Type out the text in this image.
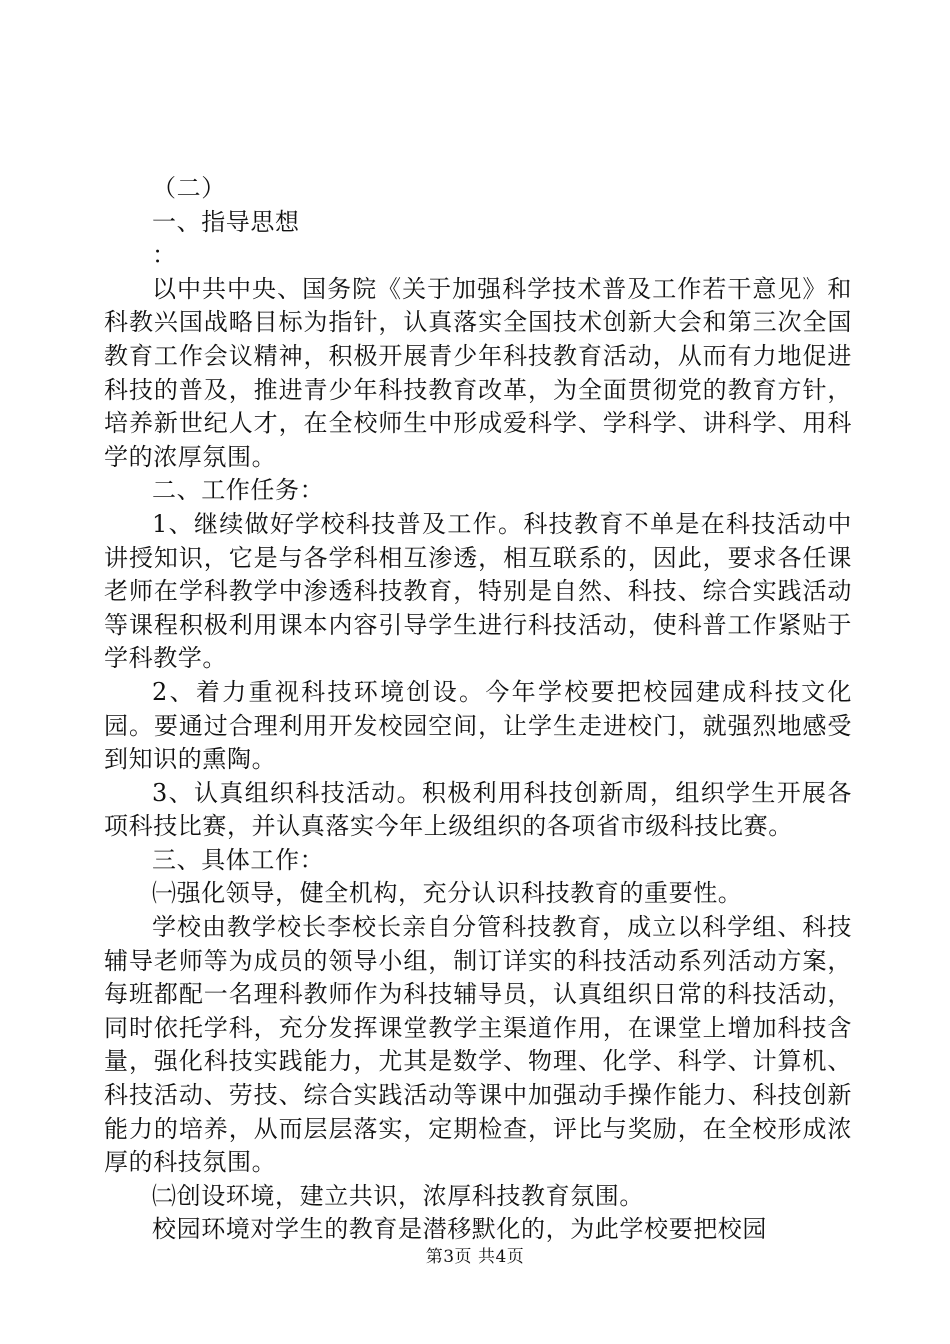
（二）

一、指导思想

：

以中共中央、国务院《关于加强科学技术普及工作若干意见》和科教兴国战略目标为指针，认真落实全国技术创新大会和第三次全国教育工作会议精神，积极开展青少年科技教育活动，从而有力地促进科技的普及，推进青少年科技教育改革，为全面贯彻党的教育方针，培养新世纪人才，在全校师生中形成爱科学、学科学、讲科学、用科学的浓厚氛围。

二、工作任务：

1、继续做好学校科技普及工作。科技教育不单是在科技活动中讲授知识，它是与各学科相互渗透，相互联系的，因此，要求各任课老师在学科教学中渗透科技教育，特别是自然、科技、综合实践活动等课程积极利用课本内容引导学生进行科技活动，使科普工作紧贴于学科教学。

2、着力重视科技环境创设。今年学校要把校园建成科技文化园。要通过合理利用开发校园空间，让学生走进校门，就强烈地感受到知识的熏陶。

3、认真组织科技活动。积极利用科技创新周，组织学生开展各项科技比赛，并认真落实今年上级组织的各项省市级科技比赛。

三、具体工作：

㈠强化领导，健全机构，充分认识科技教育的重要性。

学校由教学校长李校长亲自分管科技教育，成立以科学组、科技辅导老师等为成员的领导小组，制订详实的科技活动系列活动方案，每班都配一名理科教师作为科技辅导员，认真组织日常的科技活动，同时依托学科，充分发挥课堂教学主渠道作用，在课堂上增加科技含量，强化科技实践能力，尤其是数学、物理、化学、科学、计算机、科技活动、劳技、综合实践活动等课中加强动手操作能力、科技创新能力的培养，从而层层落实，定期检查，评比与奖励，在全校形成浓厚的科技氛围。

㈡创设环境，建立共识，浓厚科技教育氛围。

校园环境对学生的教育是潜移默化的，为此学校要把校园

第3页 共4页
